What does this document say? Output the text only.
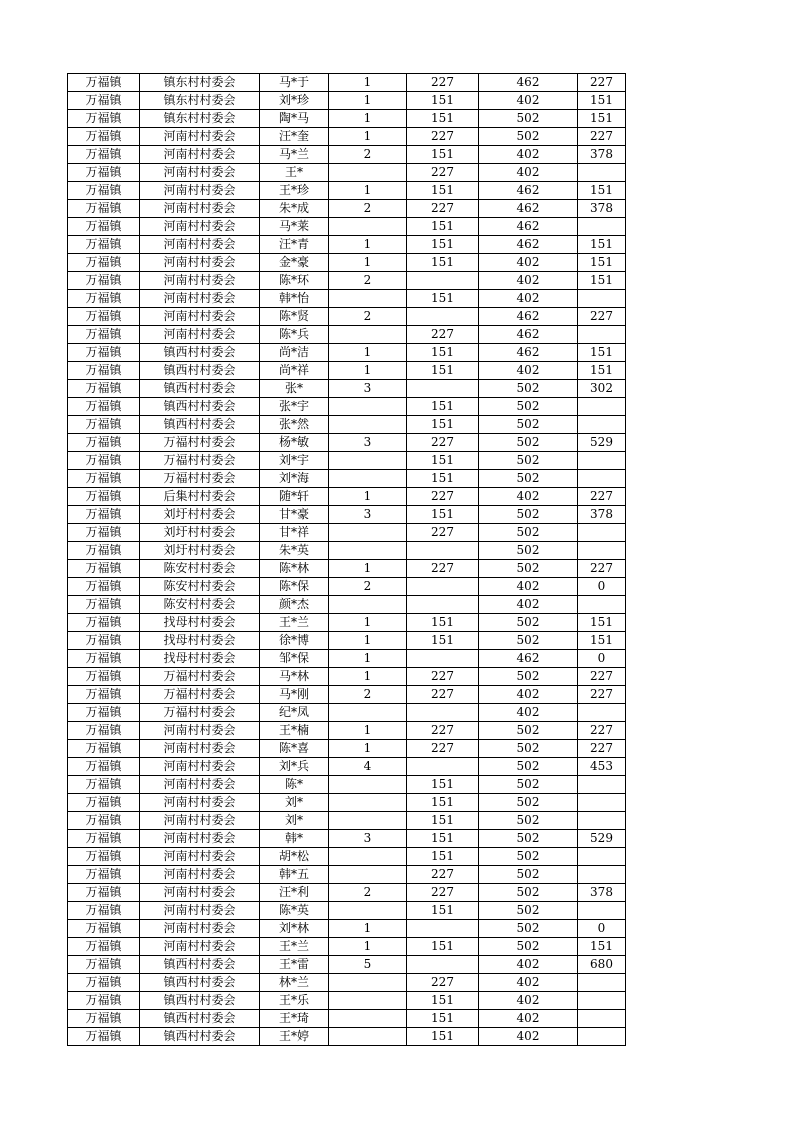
万福镇	镇东村村委会	马*于	1	227	462	227
万福镇	镇东村村委会	刘*珍	1	151	402	151
万福镇	镇东村村委会	陶*马	1	151	502	151
万福镇	河南村村委会	汪*奎	1	227	502	227
万福镇	河南村村委会	马*兰	2	151	402	378
万福镇	河南村村委会	王*		227	402	
万福镇	河南村村委会	王*珍	1	151	462	151
万福镇	河南村村委会	朱*成	2	227	462	378
万福镇	河南村村委会	马*莱		151	462	
万福镇	河南村村委会	汪*青	1	151	462	151
万福镇	河南村村委会	金*豪	1	151	402	151
万福镇	河南村村委会	陈*环	2		402	151
万福镇	河南村村委会	韩*怡		151	402	
万福镇	河南村村委会	陈*贤	2		462	227
万福镇	河南村村委会	陈*兵		227	462	
万福镇	镇西村村委会	尚*洁	1	151	462	151
万福镇	镇西村村委会	尚*祥	1	151	402	151
万福镇	镇西村村委会	张*	3		502	302
万福镇	镇西村村委会	张*宇		151	502	
万福镇	镇西村村委会	张*然		151	502	
万福镇	万福村村委会	杨*敏	3	227	502	529
万福镇	万福村村委会	刘*宇		151	502	
万福镇	万福村村委会	刘*海		151	502	
万福镇	后集村村委会	随*轩	1	227	402	227
万福镇	刘圩村村委会	甘*豪	3	151	502	378
万福镇	刘圩村村委会	甘*祥		227	502	
万福镇	刘圩村村委会	朱*英			502	
万福镇	陈安村村委会	陈*林	1	227	502	227
万福镇	陈安村村委会	陈*保	2		402	0
万福镇	陈安村村委会	颜*杰			402	
万福镇	找母村村委会	王*兰	1	151	502	151
万福镇	找母村村委会	徐*博	1	151	502	151
万福镇	找母村村委会	邹*保	1		462	0
万福镇	万福村村委会	马*林	1	227	502	227
万福镇	万福村村委会	马*刚	2	227	402	227
万福镇	万福村村委会	纪*凤			402	
万福镇	河南村村委会	王*楠	1	227	502	227
万福镇	河南村村委会	陈*喜	1	227	502	227
万福镇	河南村村委会	刘*兵	4		502	453
万福镇	河南村村委会	陈*		151	502	
万福镇	河南村村委会	刘*		151	502	
万福镇	河南村村委会	刘*		151	502	
万福镇	河南村村委会	韩*	3	151	502	529
万福镇	河南村村委会	胡*松		151	502	
万福镇	河南村村委会	韩*五		227	502	
万福镇	河南村村委会	汪*利	2	227	502	378
万福镇	河南村村委会	陈*英		151	502	
万福镇	河南村村委会	刘*林	1		502	0
万福镇	河南村村委会	王*兰	1	151	502	151
万福镇	镇西村村委会	王*雷	5		402	680
万福镇	镇西村村委会	林*兰		227	402	
万福镇	镇西村村委会	王*乐		151	402	
万福镇	镇西村村委会	王*琦		151	402	
万福镇	镇西村村委会	王*婷		151	402	
